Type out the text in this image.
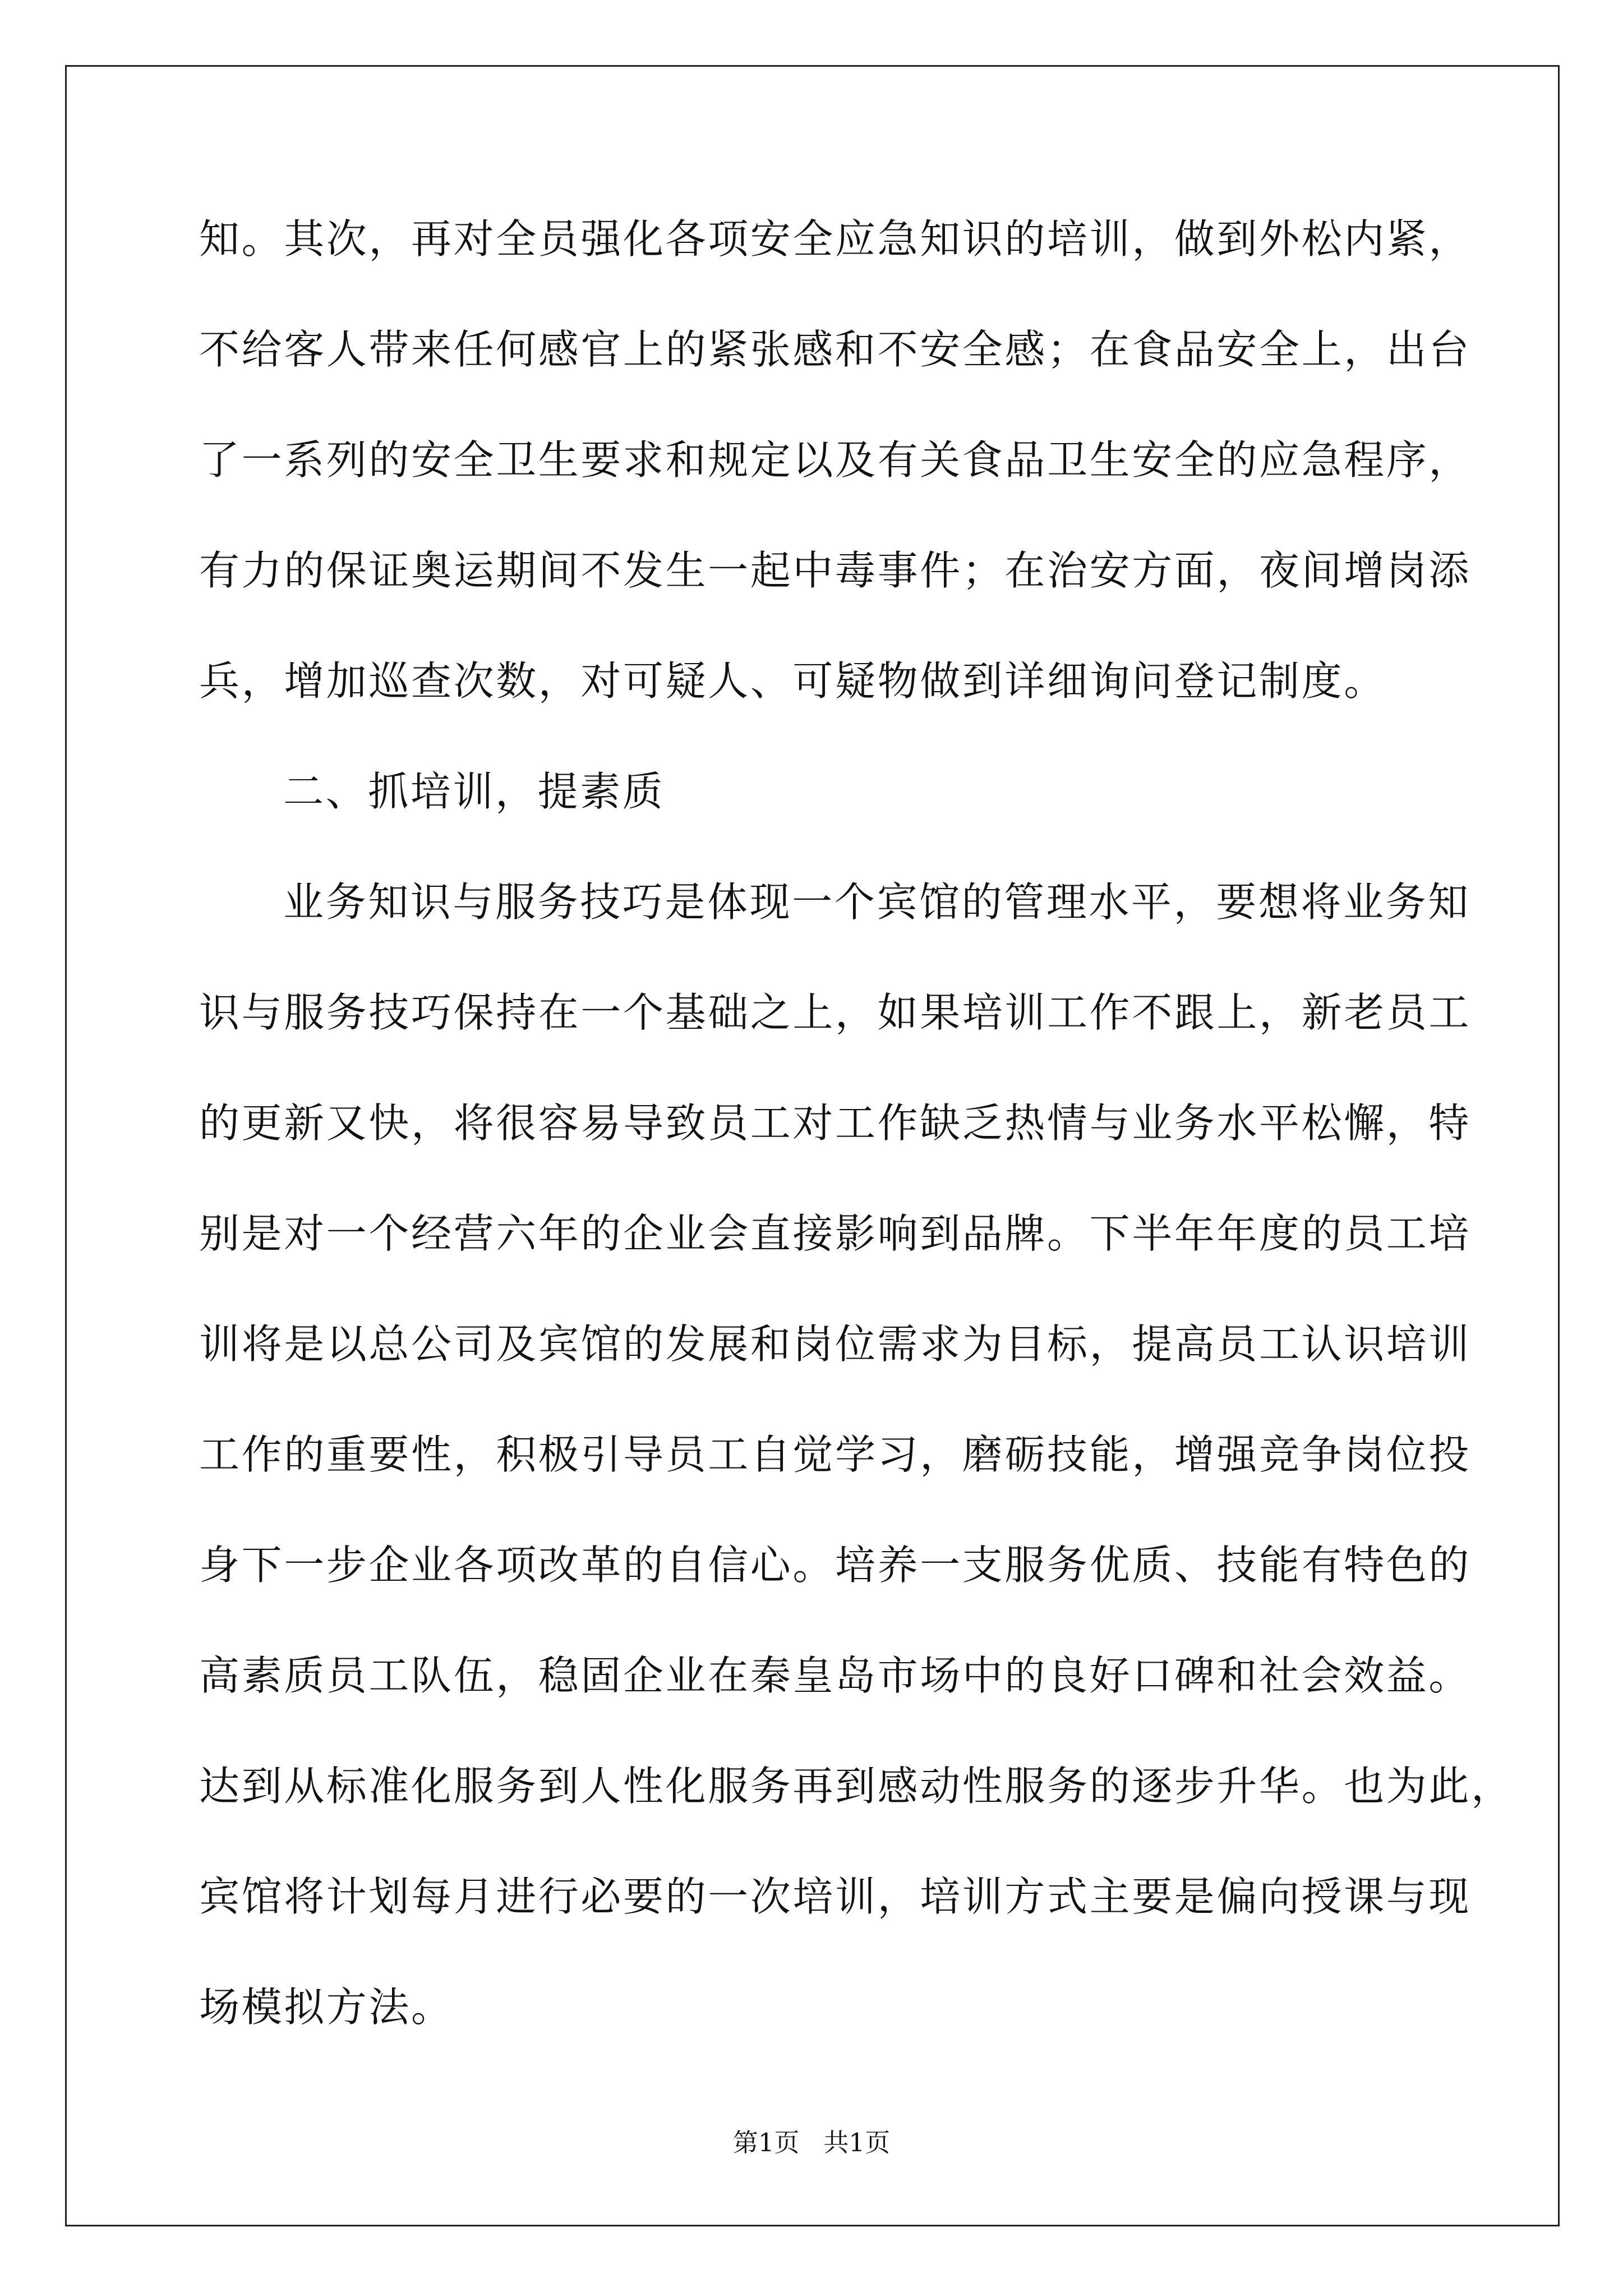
知。其次，再对全员强化各项安全应急知识的培训，做到外松内紧，
不给客人带来任何感官上的紧张感和不安全感；在食品安全上，出台
了一系列的安全卫生要求和规定以及有关食品卫生安全的应急程序，
有力的保证奥运期间不发生一起中毒事件；在治安方面，夜间增岗添
兵，增加巡查次数，对可疑人、可疑物做到详细询问登记制度。
二、抓培训，提素质
业务知识与服务技巧是体现一个宾馆的管理水平，要想将业务知
识与服务技巧保持在一个基础之上，如果培训工作不跟上，新老员工
的更新又快，将很容易导致员工对工作缺乏热情与业务水平松懈，特
别是对一个经营六年的企业会直接影响到品牌。下半年年度的员工培
训将是以总公司及宾馆的发展和岗位需求为目标，提高员工认识培训
工作的重要性，积极引导员工自觉学习，磨砺技能，增强竞争岗位投
身下一步企业各项改革的自信心。培养一支服务优质、技能有特色的
高素质员工队伍，稳固企业在秦皇岛市场中的良好口碑和社会效益。
达到从标准化服务到人性化服务再到感动性服务的逐步升华。也为此，
宾馆将计划每月进行必要的一次培训，培训方式主要是偏向授课与现
场模拟方法。
第1页   共1页
